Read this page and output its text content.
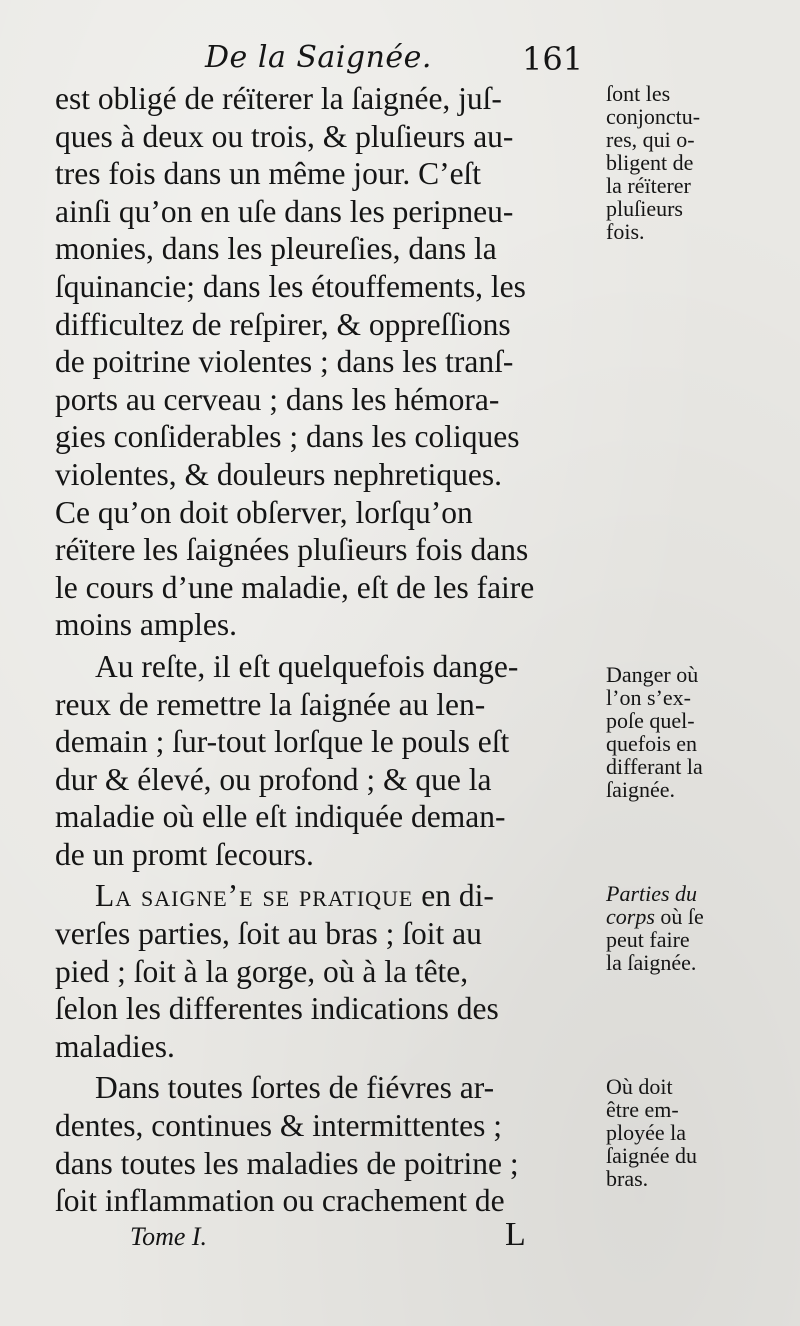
De la Saignée.	161

est obligé de réïterer la ſaignée, juſ-
ques à deux ou trois, & pluſieurs au-
tres fois dans un même jour. C’eſt
ainſi qu’on en uſe dans les peripneu-
monies, dans les pleureſies, dans la
ſquinancie; dans les étouffements, les
difficultez de reſpirer, & oppreſſions
de poitrine violentes ; dans les tranſ-
ports au cerveau ; dans les hémora-
gies conſiderables ; dans les coliques
violentes, & douleurs nephretiques.
Ce qu’on doit obſerver, lorſqu’on
réïtere les ſaignées pluſieurs fois dans
le cours d’une maladie, eſt de les faire
moins amples.

Au reſte, il eſt quelquefois dange-
reux de remettre la ſaignée au len-
demain ; ſur-tout lorſque le pouls eſt
dur & élevé, ou profond ; & que la
maladie où elle eſt indiquée deman-
de un promt ſecours.

La saigne’e se pratique en di-
verſes parties, ſoit au bras ; ſoit au
pied ; ſoit à la gorge, où à la tête,
ſelon les differentes indications des
maladies.

Dans toutes ſortes de fiévres ar-
dentes, continues & intermittentes ;
dans toutes les maladies de poitrine ;
ſoit inflammation ou crachement de

ſont les
conjonctu-
res, qui o-
bligent de
la réïterer
pluſieurs
fois.
Danger où
l’on s’ex-
poſe quel-
quefois en
differant la
ſaignée.
Parties du
corps où ſe
peut faire
la ſaignée.
Où doit
être em-
ployée la
ſaignée du
bras.
Tome I.	L
